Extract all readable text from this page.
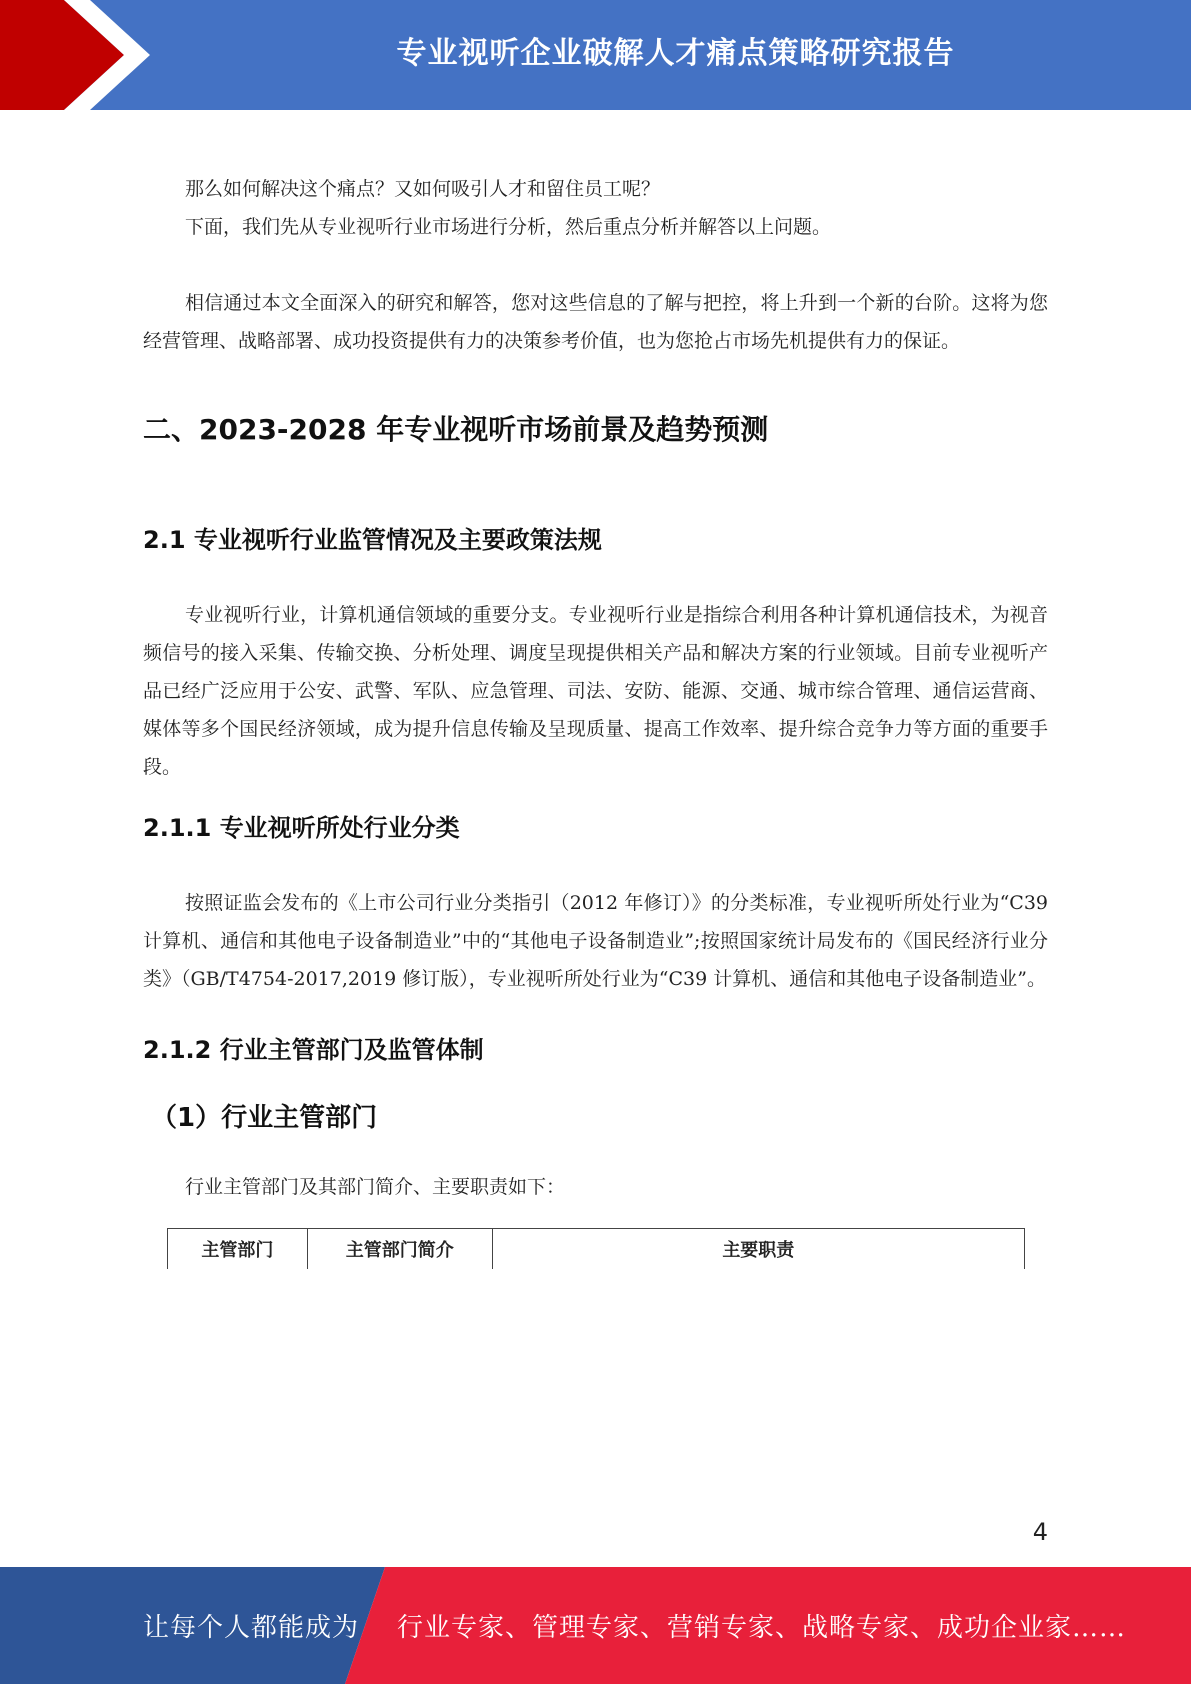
专业视听企业破解人才痛点策略研究报告

那么如何解决这个痛点？又如何吸引人才和留住员工呢？

下面，我们先从专业视听行业市场进行分析，然后重点分析并解答以上问题。

相信通过本文全面深入的研究和解答，您对这些信息的了解与把控，将上升到一个新的台阶。这将为您经营管理、战略部署、成功投资提供有力的决策参考价值，也为您抢占市场先机提供有力的保证。

二、2023-2028 年专业视听市场前景及趋势预测
2.1 专业视听行业监管情况及主要政策法规

专业视听行业，计算机通信领域的重要分支。专业视听行业是指综合利用各种计算机通信技术，为视音频信号的接入采集、传输交换、分析处理、调度呈现提供相关产品和解决方案的行业领域。目前专业视听产品已经广泛应用于公安、武警、军队、应急管理、司法、安防、能源、交通、城市综合管理、通信运营商、媒体等多个国民经济领域，成为提升信息传输及呈现质量、提高工作效率、提升综合竞争力等方面的重要手段。

2.1.1 专业视听所处行业分类

按照证监会发布的《上市公司行业分类指引（2012 年修订）》的分类标准，专业视听所处行业为“C39 计算机、通信和其他电子设备制造业”中的“其他电子设备制造业”;按照国家统计局发布的《国民经济行业分类》（GB/T4754-2017,2019 修订版），专业视听所处行业为“C39 计算机、通信和其他电子设备制造业”。

2.1.2 行业主管部门及监管体制
（1）行业主管部门

行业主管部门及其部门简介、主要职责如下：

主管部门	主管部门简介	主要职责
4
让每个人都能成为 行业专家、管理专家、营销专家、战略专家、成功企业家……
